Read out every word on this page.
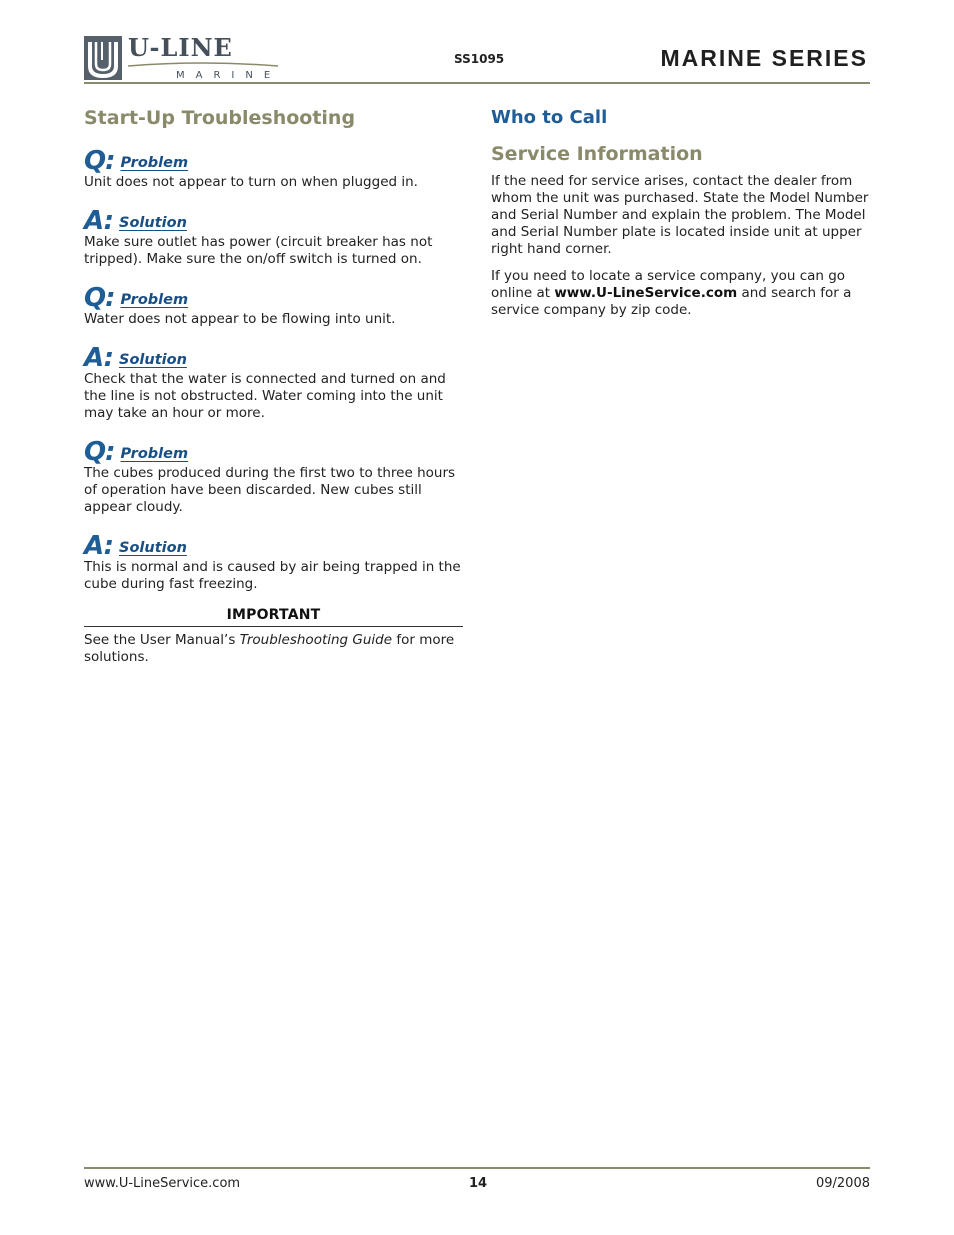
U-LINE
MARINE
SS1095	MARINE SERIES
Start-Up Troubleshooting
Q: Problem

Unit does not appear to turn on when plugged in.

A: Solution

Make sure outlet has power (circuit breaker has not tripped). Make sure the on/off switch is turned on.

Q: Problem

Water does not appear to be flowing into unit.

A: Solution

Check that the water is connected and turned on and the line is not obstructed. Water coming into the unit may take an hour or more.

Q: Problem

The cubes produced during the first two to three hours of operation have been discarded. New cubes still appear cloudy.

A: Solution

This is normal and is caused by air being trapped in the cube during fast freezing.

IMPORTANT

See the User Manual’s Troubleshooting Guide for more solutions.

Who to Call
Service Information

If the need for service arises, contact the dealer from whom the unit was purchased. State the Model Number and Serial Number and explain the problem. The Model and Serial Number plate is located inside unit at upper right hand corner.

If you need to locate a service company, you can go online at www.U-LineService.com and search for a service company by zip code.

www.U-LineService.com	14	09/2008
